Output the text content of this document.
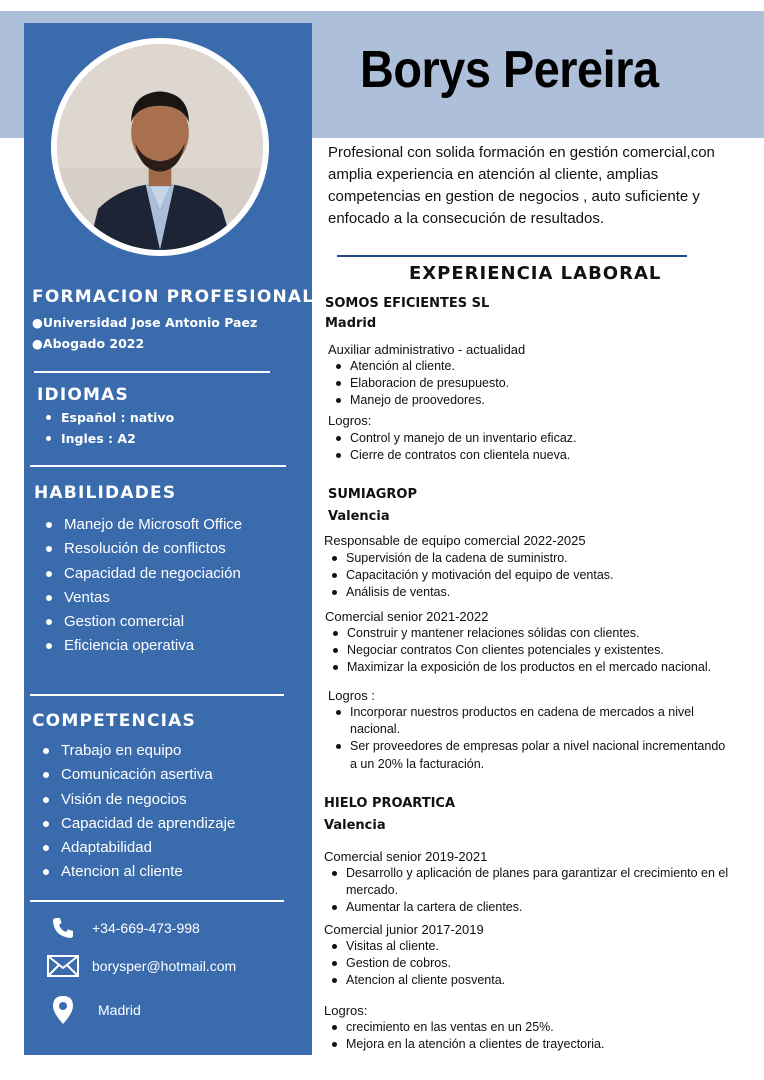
FORMACION PROFESIONAL
●Universidad Jose Antonio Paez
●Abogado 2022
IDIOMAS
Español : nativo
Ingles : A2
HABILIDADES
Manejo de Microsoft Office
Resolución de conflictos
Capacidad de negociación
Ventas
Gestion comercial
Eficiencia operativa
COMPETENCIAS
Trabajo en equipo
Comunicación asertiva
Visión de negocios
Capacidad de aprendizaje
Adaptabilidad
Atencion al cliente
+34-669-473-998
borysper@hotmail.com
Madrid
Borys Pereira
Profesional con solida formación en gestión comercial,con amplia experiencia en atención al cliente, amplias competencias en gestion de negocios , auto suficiente y enfocado a la consecución de resultados.
EXPERIENCIA LABORAL
SOMOS EFICIENTES SL
Madrid
Auxiliar administrativo - actualidad
Atención al cliente.
Elaboracion de presupuesto.
Manejo de proovedores.
Logros:
Control y manejo de un inventario eficaz.
Cierre de contratos con clientela nueva.
SUMIAGROP
Valencia
Responsable de equipo comercial 2022-2025
Supervisión de la cadena de suministro.
Capacitación y motivación del equipo de ventas.
Análisis de ventas.
Comercial senior 2021-2022
Construir y mantener relaciones sólidas con clientes.
Negociar contratos Con clientes potenciales y existentes.
Maximizar la exposición de los productos en el mercado nacional.
Logros :
Incorporar nuestros productos en cadena de mercados a nivel nacional.
Ser proveedores de empresas polar a nivel nacional incrementando a un 20% la facturación.
HIELO PROARTICA
Valencia
Comercial senior 2019-2021
Desarrollo y aplicación de planes para garantizar el crecimiento en el mercado.
Aumentar la cartera de clientes.
Comercial junior 2017-2019
Visitas al cliente.
Gestion de cobros.
Atencion al cliente posventa.
Logros:
crecimiento en las ventas en un 25%.
Mejora en la atención a clientes de trayectoria.
